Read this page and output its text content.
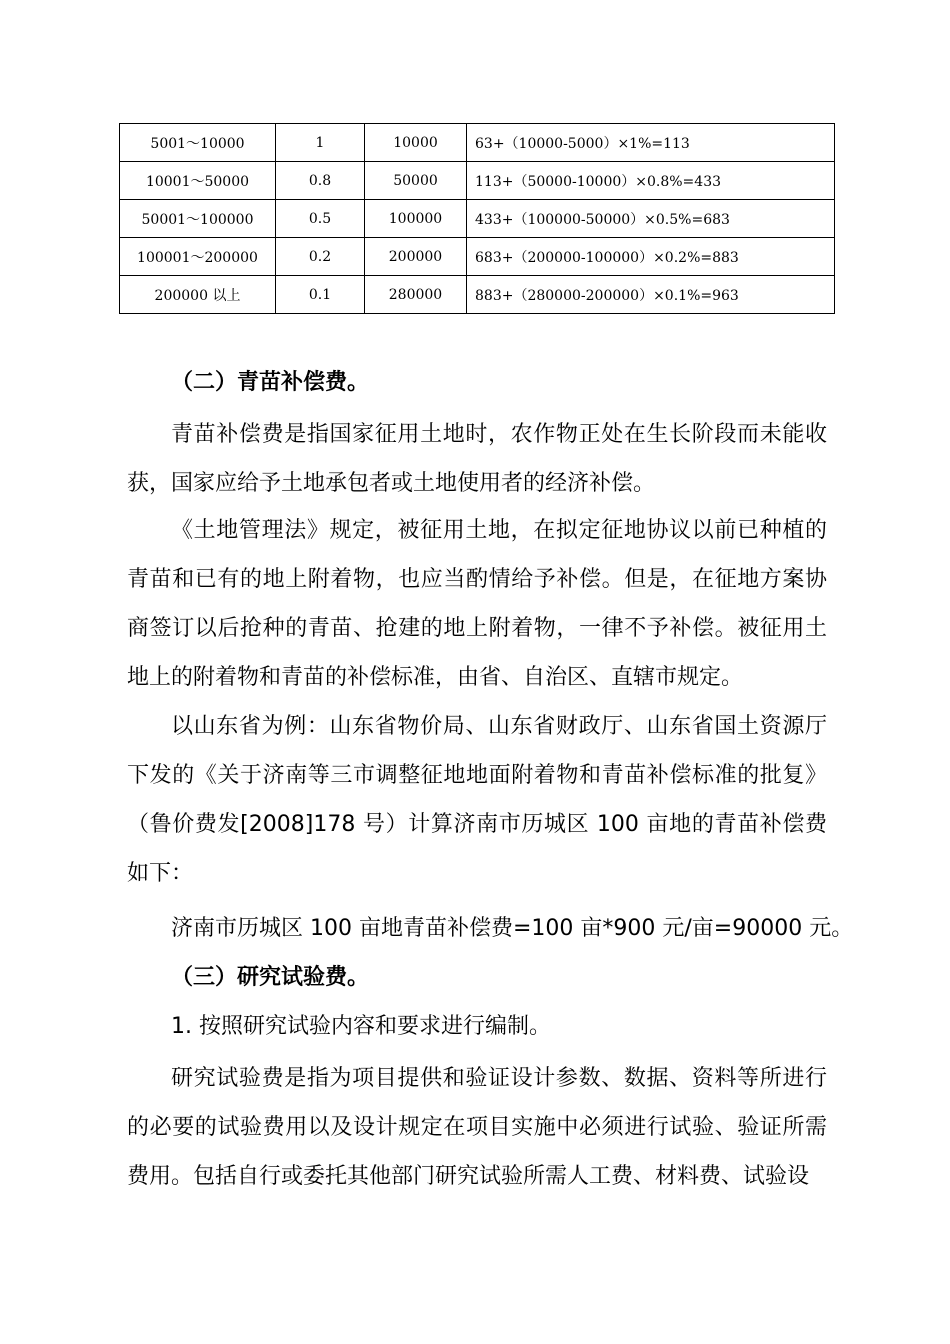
5001～10000	1	10000	63+（10000-5000）×1%=113
10001～50000	0.8	50000	113+（50000-10000）×0.8%=433
50001～100000	0.5	100000	433+（100000-50000）×0.5%=683
100001～200000	0.2	200000	683+（200000-100000）×0.2%=883
200000 以上	0.1	280000	883+（280000-200000）×0.1%=963

（二）青苗补偿费。

青苗补偿费是指国家征用土地时，农作物正处在生长阶段而未能收获，国家应给予土地承包者或土地使用者的经济补偿。

《土地管理法》规定，被征用土地，在拟定征地协议以前已种植的青苗和已有的地上附着物，也应当酌情给予补偿。但是，在征地方案协商签订以后抢种的青苗、抢建的地上附着物，一律不予补偿。被征用土地上的附着物和青苗的补偿标准，由省、自治区、直辖市规定。

以山东省为例：山东省物价局、山东省财政厅、山东省国土资源厅下发的《关于济南等三市调整征地地面附着物和青苗补偿标准的批复》（鲁价费发[2008]178 号）计算济南市历城区 100 亩地的青苗补偿费如下：

济南市历城区 100 亩地青苗补偿费=100 亩*900 元/亩=90000 元。

（三）研究试验费。

1. 按照研究试验内容和要求进行编制。

研究试验费是指为项目提供和验证设计参数、数据、资料等所进行的必要的试验费用以及设计规定在项目实施中必须进行试验、验证所需费用。包括自行或委托其他部门研究试验所需人工费、材料费、试验设
